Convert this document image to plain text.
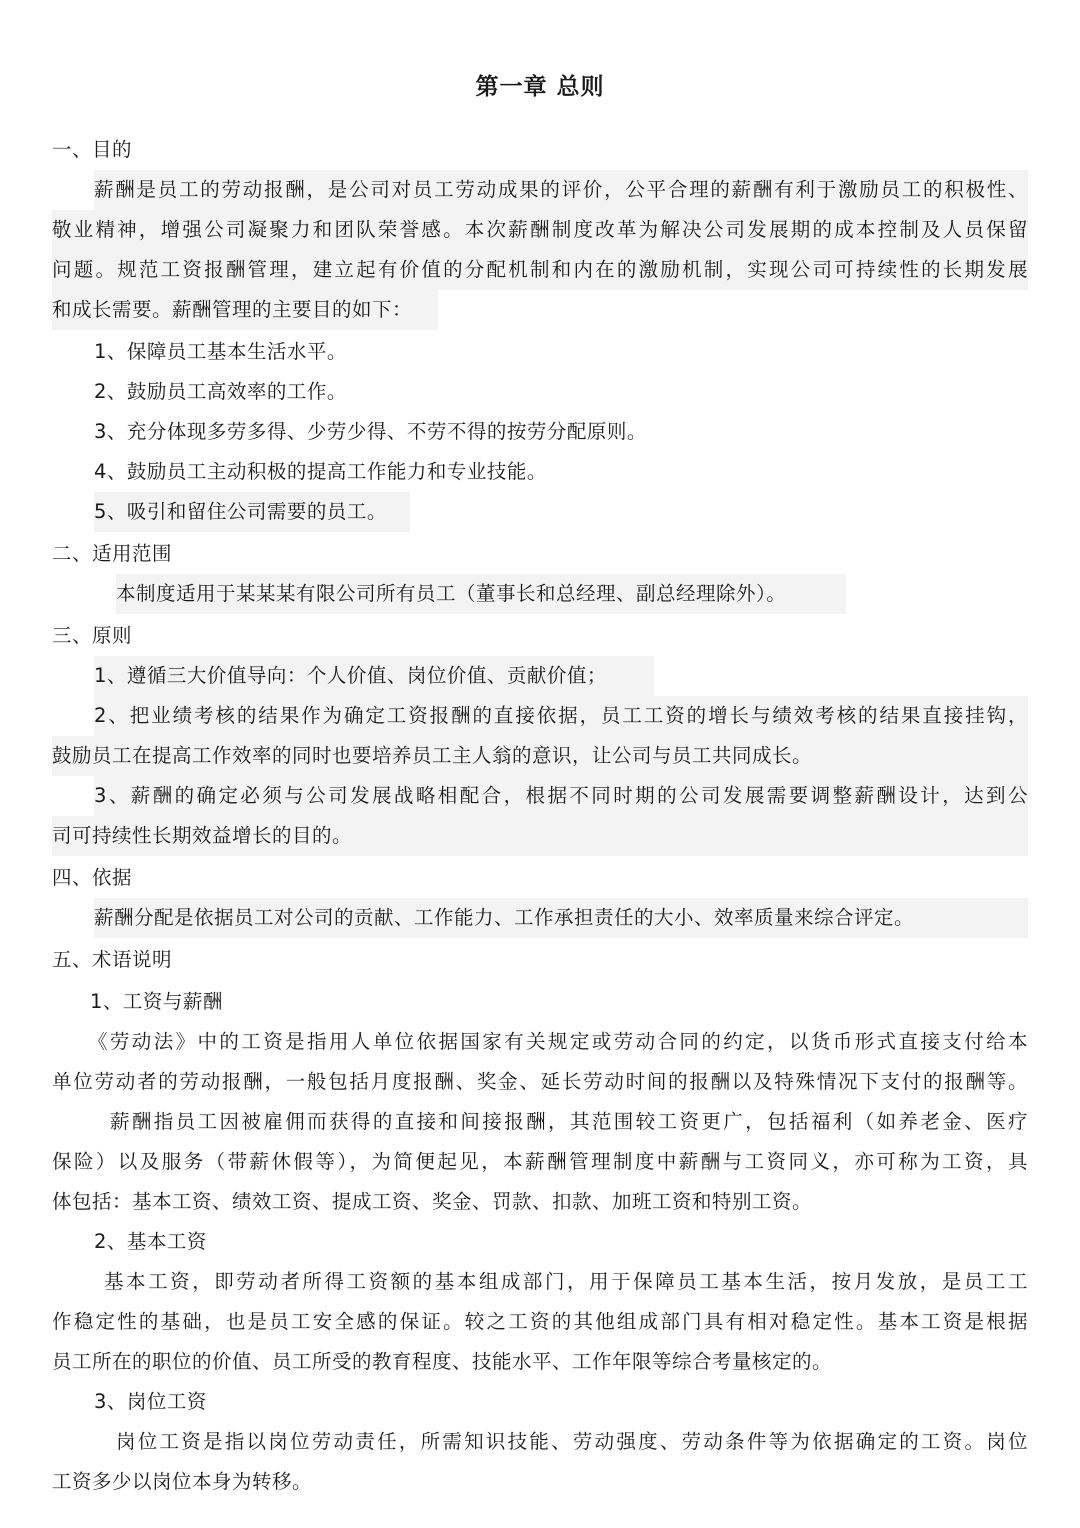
第一章 总则
一、目的
薪酬是员工的劳动报酬，是公司对员工劳动成果的评价，公平合理的薪酬有利于激励员工的积极性、
敬业精神，增强公司凝聚力和团队荣誉感。本次薪酬制度改革为解决公司发展期的成本控制及人员保留
问题。规范工资报酬管理，建立起有价值的分配机制和内在的激励机制，实现公司可持续性的长期发展
和成长需要。薪酬管理的主要目的如下：
1、保障员工基本生活水平。
2、鼓励员工高效率的工作。
3、充分体现多劳多得、少劳少得、不劳不得的按劳分配原则。
4、鼓励员工主动积极的提高工作能力和专业技能。
5、吸引和留住公司需要的员工。
二、适用范围
本制度适用于某某某有限公司所有员工（董事长和总经理、副总经理除外）。
三、原则
1、遵循三大价值导向：个人价值、岗位价值、贡献价值；
2、把业绩考核的结果作为确定工资报酬的直接依据，员工工资的增长与绩效考核的结果直接挂钩，
鼓励员工在提高工作效率的同时也要培养员工主人翁的意识，让公司与员工共同成长。
3、薪酬的确定必须与公司发展战略相配合，根据不同时期的公司发展需要调整薪酬设计，达到公
司可持续性长期效益增长的目的。
四、依据
薪酬分配是依据员工对公司的贡献、工作能力、工作承担责任的大小、效率质量来综合评定。
五、术语说明
1、工资与薪酬
《劳动法》中的工资是指用人单位依据国家有关规定或劳动合同的约定，以货币形式直接支付给本
单位劳动者的劳动报酬，一般包括月度报酬、奖金、延长劳动时间的报酬以及特殊情况下支付的报酬等。
薪酬指员工因被雇佣而获得的直接和间接报酬，其范围较工资更广，包括福利（如养老金、医疗
保险）以及服务（带薪休假等），为简便起见，本薪酬管理制度中薪酬与工资同义，亦可称为工资，具
体包括：基本工资、绩效工资、提成工资、奖金、罚款、扣款、加班工资和特别工资。
2、基本工资
基本工资，即劳动者所得工资额的基本组成部门，用于保障员工基本生活，按月发放，是员工工
作稳定性的基础，也是员工安全感的保证。较之工资的其他组成部门具有相对稳定性。基本工资是根据
员工所在的职位的价值、员工所受的教育程度、技能水平、工作年限等综合考量核定的。
3、岗位工资
岗位工资是指以岗位劳动责任，所需知识技能、劳动强度、劳动条件等为依据确定的工资。岗位
工资多少以岗位本身为转移。
